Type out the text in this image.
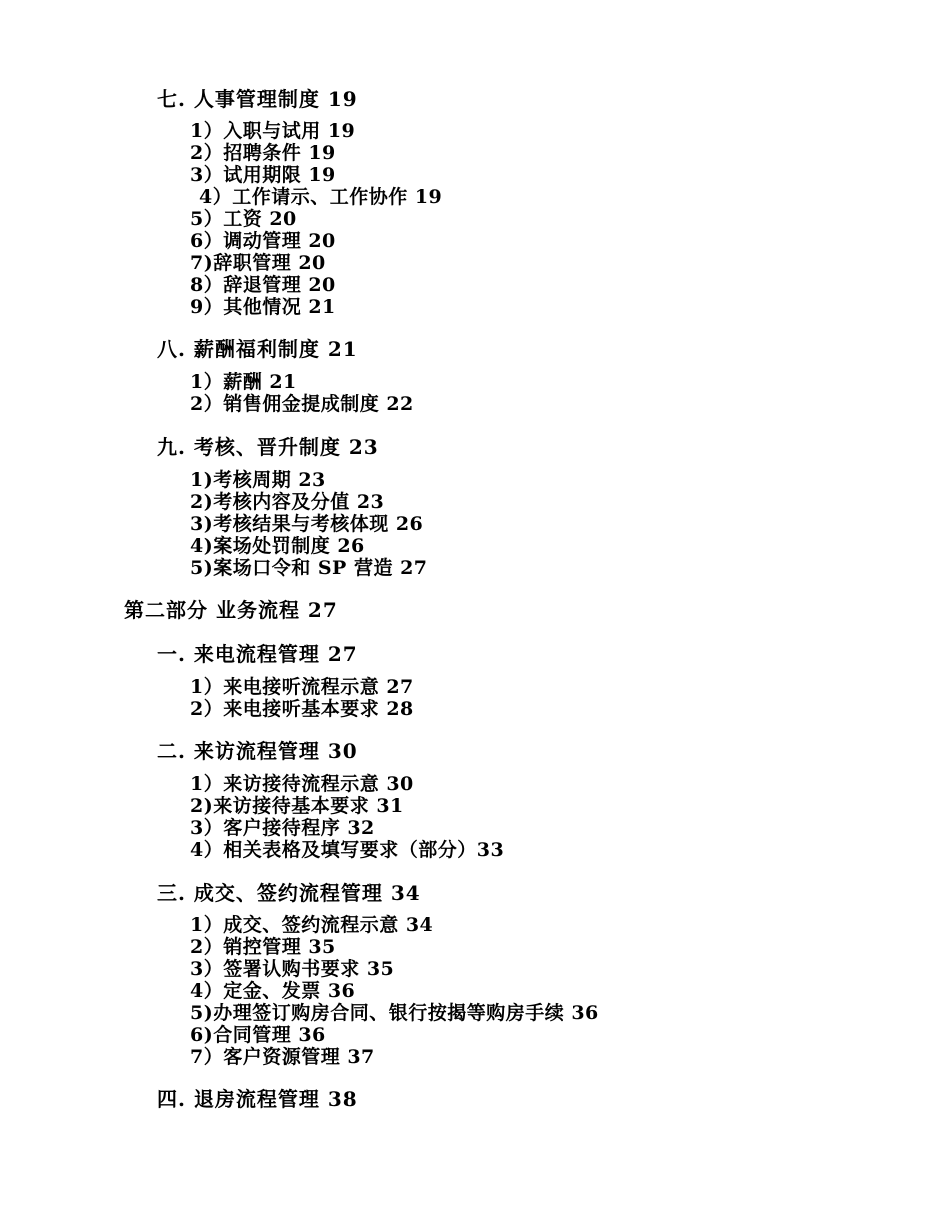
七. 人事管理制度 19
1）入职与试用 19
2）招聘条件 19
3）试用期限 19
4）工作请示、工作协作 19
5）工资 20
6）调动管理 20
7)辞职管理 20
8）辞退管理 20
9）其他情况 21
八. 薪酬福利制度 21
1）薪酬 21
2）销售佣金提成制度 22
九. 考核、晋升制度 23
1)考核周期 23
2)考核内容及分值 23
3)考核结果与考核体现 26
4)案场处罚制度 26
5)案场口令和 SP 营造 27
第二部分 业务流程 27
一. 来电流程管理 27
1）来电接听流程示意 27
2）来电接听基本要求 28
二. 来访流程管理 30
1）来访接待流程示意 30
2)来访接待基本要求 31
3）客户接待程序 32
4）相关表格及填写要求（部分）33
三. 成交、签约流程管理 34
1）成交、签约流程示意 34
2）销控管理 35
3）签署认购书要求 35
4）定金、发票 36
5)办理签订购房合同、银行按揭等购房手续 36
6)合同管理 36
7）客户资源管理 37
四. 退房流程管理 38
